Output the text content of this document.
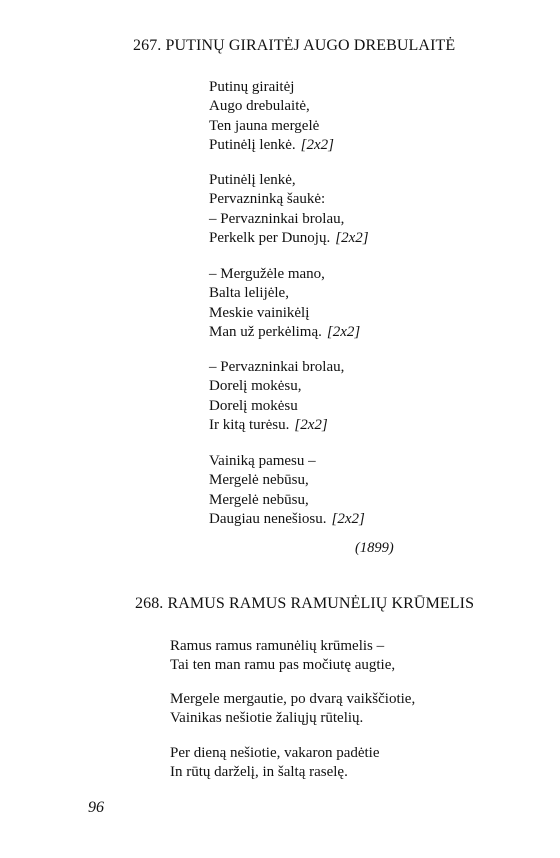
267. PUTINŲ GIRAITĖJ AUGO DREBULAITĖ
Putinų giraitėj
Augo drebulaitė,
Ten jauna mergelė
Putinėlį lenkė. [2x2]
Putinėlį lenkė,
Pervazninką šaukė:
– Pervazninkai brolau,
Perkelk per Dunojų. [2x2]
– Mergužėle mano,
Balta lelijėle,
Meskie vainikėlį
Man už perkėlimą. [2x2]
– Pervazninkai brolau,
Dorelį mokėsu,
Dorelį mokėsu
Ir kitą turėsu. [2x2]
Vainiką pamesu –
Mergelė nebūsu,
Mergelė nebūsu,
Daugiau nenešiosu. [2x2]
(1899)
268. RAMUS RAMUS RAMUNĖLIŲ KRŪMELIS
Ramus ramus ramunėlių krūmelis –
Tai ten man ramu pas močiutę augtie,
Mergele mergautie, po dvarą vaikščiotie,
Vainikas nešiotie žaliųjų rūtelių.
Per dieną nešiotie, vakaron padėtie
In rūtų darželį, in šaltą raselę.
96
